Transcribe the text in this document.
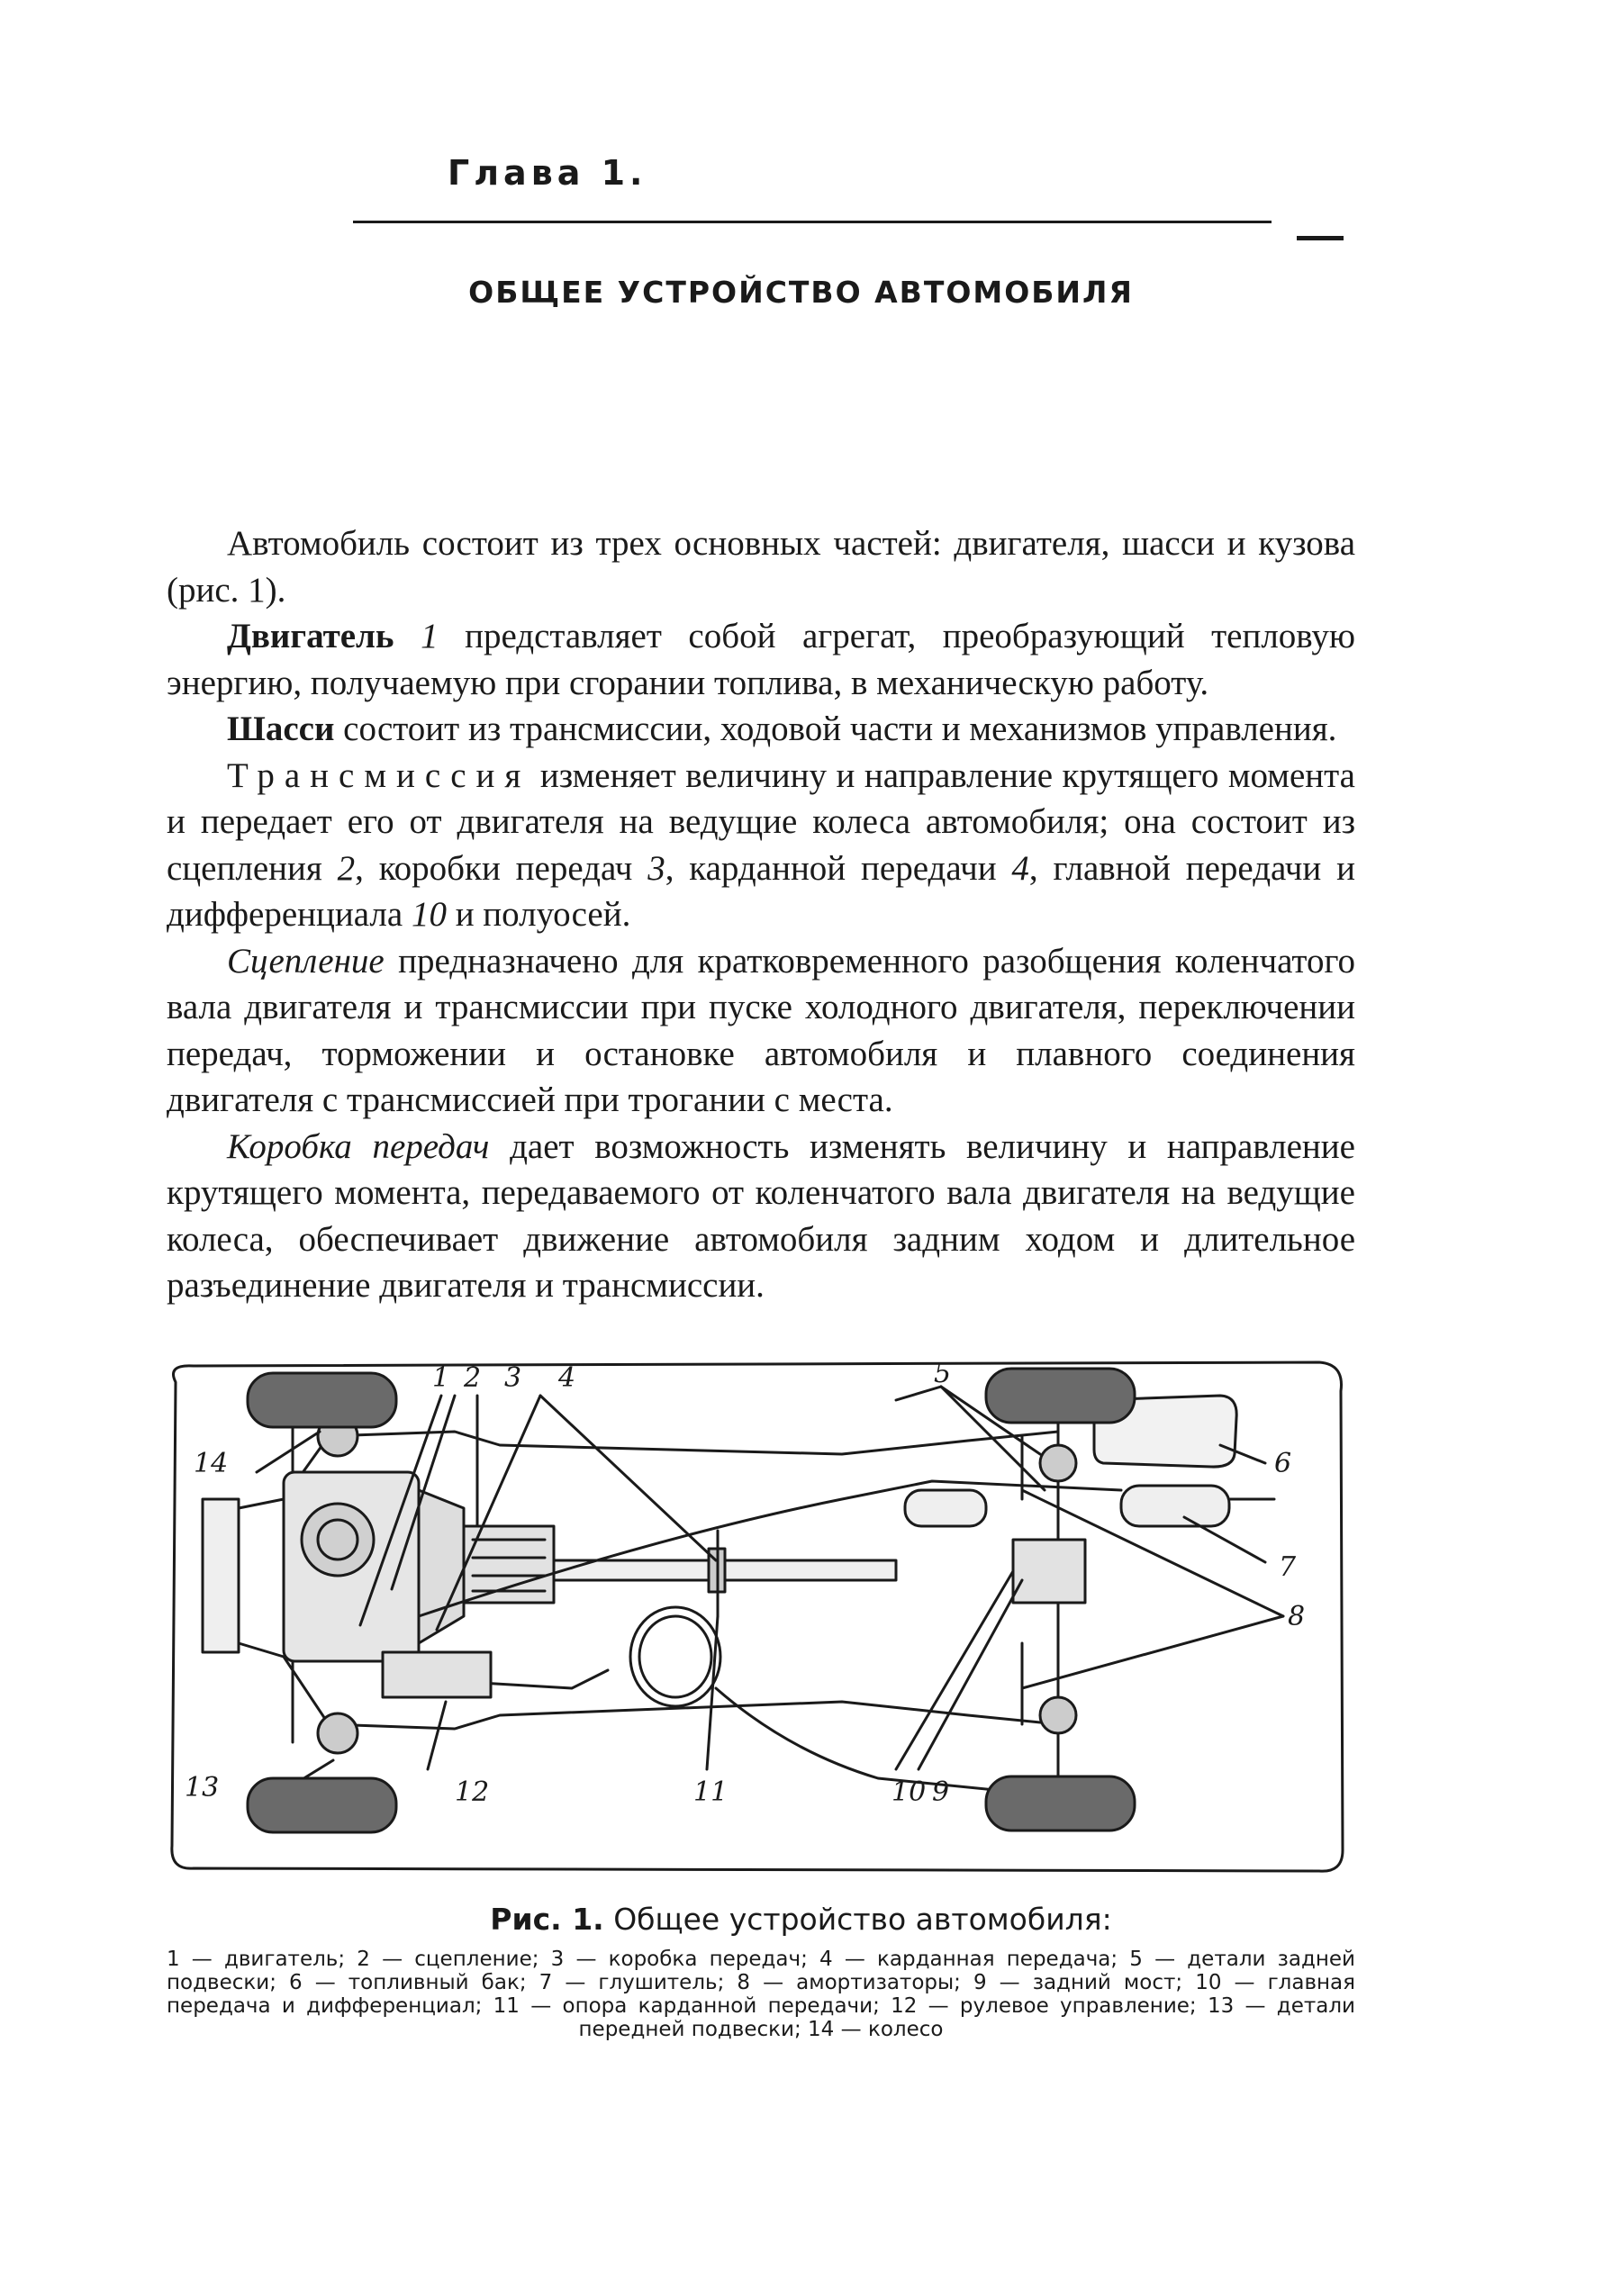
Глава 1.
ОБЩЕЕ УСТРОЙСТВО АВТОМОБИЛЯ

Автомобиль состоит из трех основных частей: двигателя, шасси и кузова (рис. 1).

Двигатель 1 представляет собой агрегат, преобразующий тепловую энергию, получаемую при сгорании топлива, в механическую работу.

Шасси состоит из трансмиссии, ходовой части и механизмов управления.

Трансмиссия изменяет величину и направление крутящего момента и передает его от двигателя на ведущие колеса автомобиля; она состоит из сцепления 2, коробки передач 3, карданной передачи 4, главной передачи и дифференциала 10 и полуосей.

Сцепление предназначено для кратковременного разобщения коленчатого вала двигателя и трансмиссии при пуске холодного двигателя, переключении передач, торможении и остановке автомобиля и плавного соединения двигателя с трансмиссией при трогании с места.

Коробка передач дает возможность изменять величину и направление крутящего момента, передаваемого от коленчатого вала двигателя на ведущие колеса, обеспечивает движение автомобиля задним ходом и длительное разъединение двигателя и трансмиссии.

1 2 3 4	5
6
7
8
9
10
11
12
13
14
Рис. 1. Общее устройство автомобиля:
1 — двигатель; 2 — сцепление; 3 — коробка передач; 4 — карданная передача; 5 — детали задней подвески; 6 — топливный бак; 7 — глушитель; 8 — амортизаторы; 9 — задний мост; 10 — главная передача и дифференциал; 11 — опора карданной передачи; 12 — рулевое управление; 13 — детали передней подвески; 14 — колесо
